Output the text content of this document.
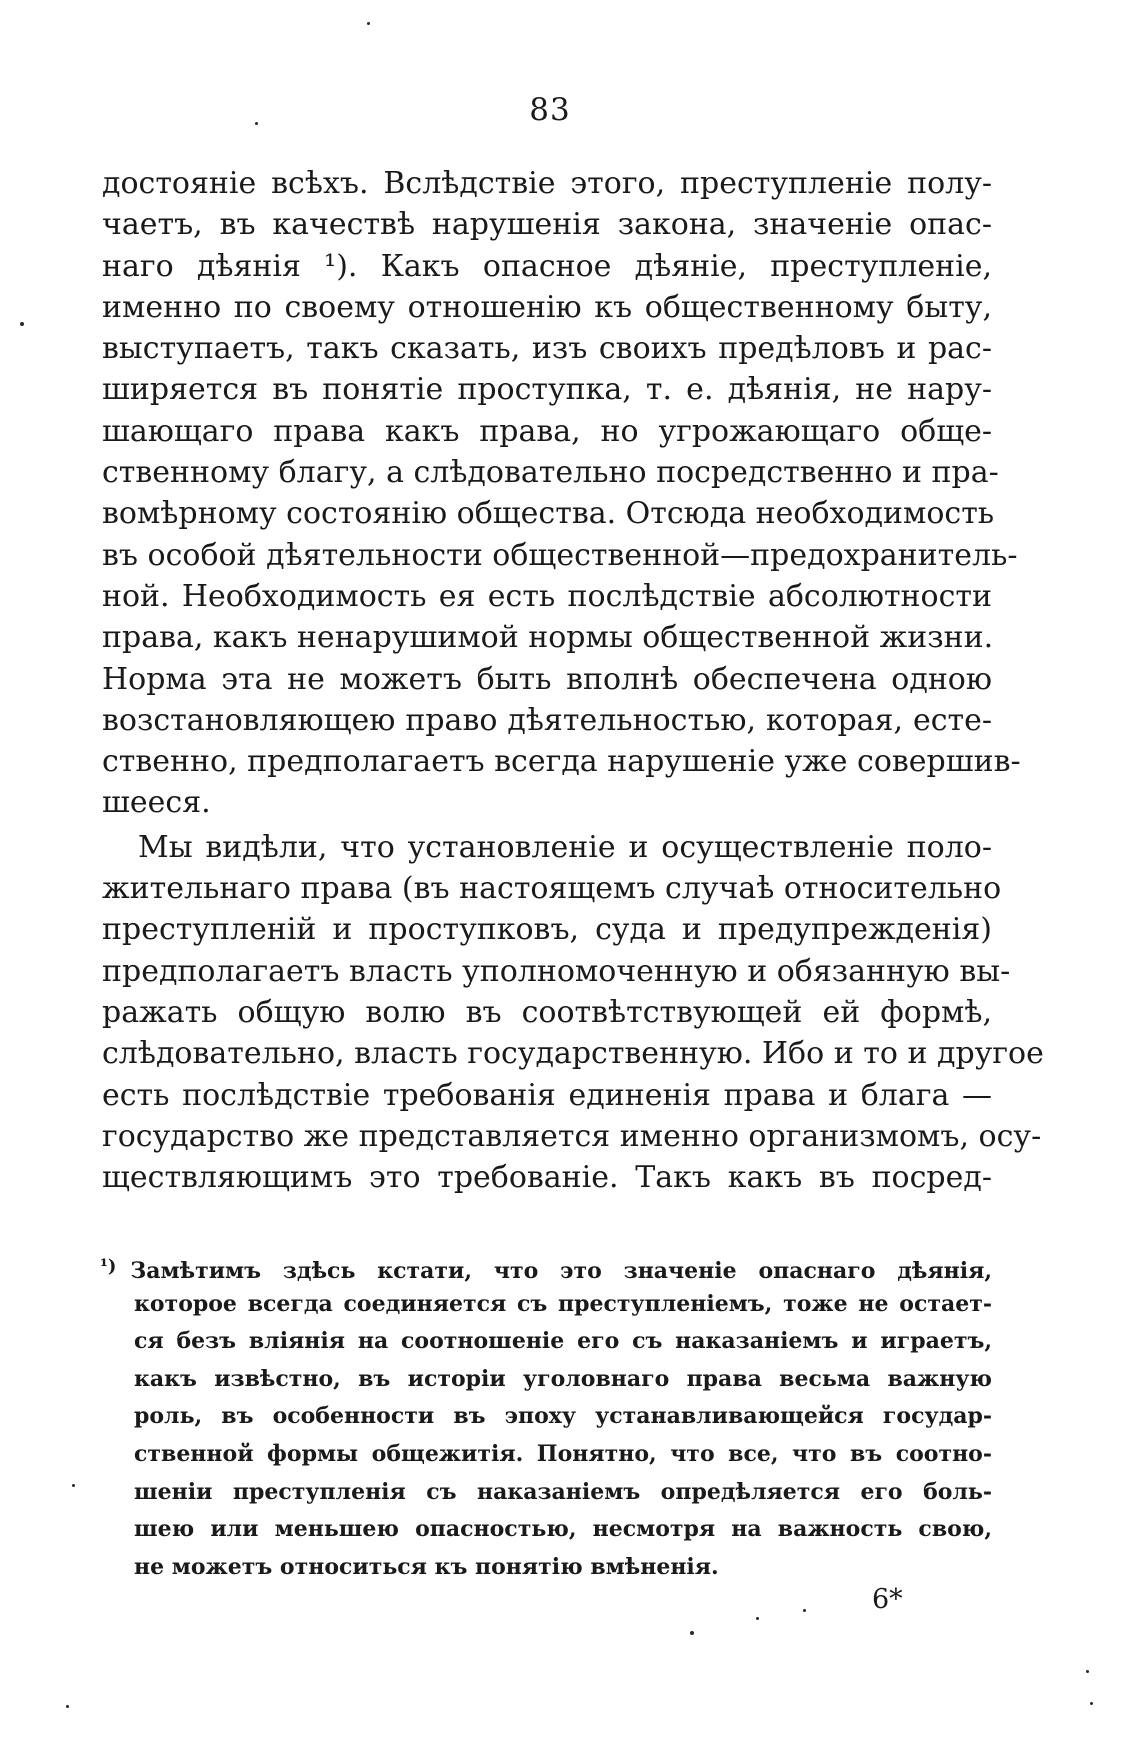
83
достояніе всѣхъ. Вслѣдствіе этого, преступленіе полу-
чаетъ, въ качествѣ нарушенія закона, значеніе опас-
наго дѣянія ¹). Какъ опасное дѣяніе, преступленіе,
именно по своему отношенію къ общественному быту,
выступаетъ, такъ сказать, изъ своихъ предѣловъ и рас-
ширяется въ понятіе проступка, т. е. дѣянія, не нару-
шающаго права какъ права, но угрожающаго обще-
ственному благу, а слѣдовательно посредственно и пра-
вомѣрному состоянію общества. Отсюда необходимость
въ особой дѣятельности общественной—предохранитель-
ной. Необходимость ея есть послѣдствіе абсолютности
права, какъ ненарушимой нормы общественной жизни.
Норма эта не можетъ быть вполнѣ обеспечена одною
возстановляющею право дѣятельностью, которая, есте-
ственно, предполагаетъ всегда нарушеніе уже совершив-
шееся.
Мы видѣли, что установленіе и осуществленіе поло-
жительнаго права (въ настоящемъ случаѣ относительно
преступленій и проступковъ, суда и предупрежденія)
предполагаетъ власть уполномоченную и обязанную вы-
ражать общую волю въ соотвѣтствующей ей формѣ,
слѣдовательно, власть государственную. Ибо и то и другое
есть послѣдствіе требованія единенія права и блага —
государство же представляется именно организмомъ, осу-
ществляющимъ это требованіе. Такъ какъ въ посред-
$^{^1)}$ Замѣтимъ здѣсь кстати, что это значеніе опаснаго дѣянія,
которое всегда соединяется съ преступленіемъ, тоже не остает-
ся безъ вліянія на соотношеніе его съ наказаніемъ и играетъ,
какъ извѣстно, въ исторіи уголовнаго права весьма важную
роль, въ особенности въ эпоху устанавливающейся государ-
ственной формы общежитія. Понятно, что все, что въ соотно-
шеніи преступленія съ наказаніемъ опредѣляется его боль-
шею или меньшею опасностью, несмотря на важность свою,
не можетъ относиться къ понятію вмѣненія.
6*
